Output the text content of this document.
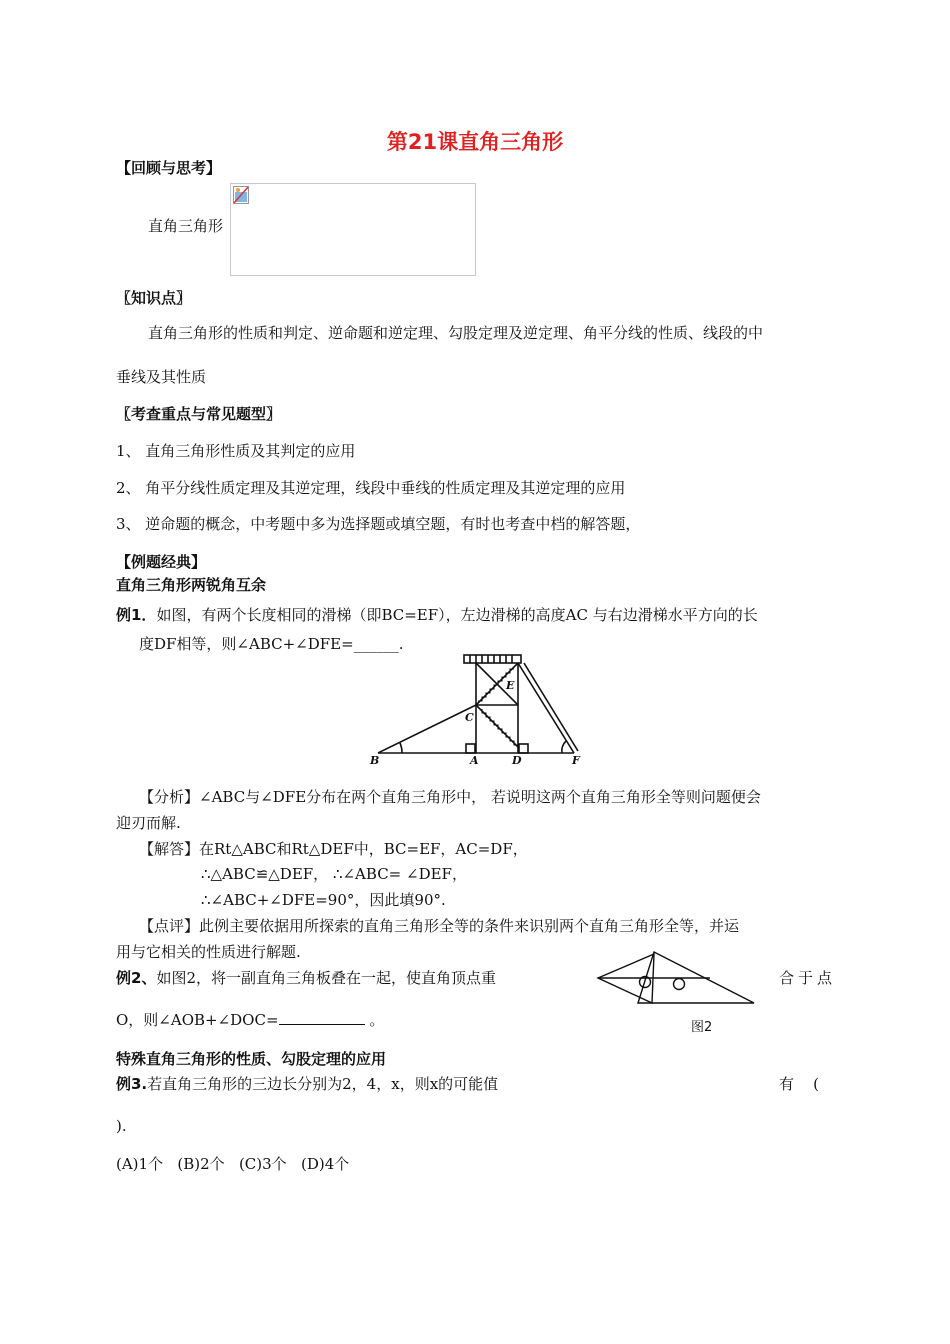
第21课直角三角形
【回顾与思考】
直角三角形
〖知识点〗
直角三角形的性质和判定、逆命题和逆定理、勾股定理及逆定理、角平分线的性质、线段的中
垂线及其性质
〖考查重点与常见题型〗
1、 直角三角形性质及其判定的应用
2、 角平分线性质定理及其逆定理，线段中垂线的性质定理及其逆定理的应用
3、 逆命题的概念，中考题中多为选择题或填空题，有时也考查中档的解答题，
【例题经典】
直角三角形两锐角互余
例1．如图，有两个长度相同的滑梯（即BC=EF），左边滑梯的高度AC 与右边滑梯水平方向的长
度DF相等，则∠ABC+∠DFE=______.
B
C
E
A	D	F
【分析】∠ABC与∠DFE分布在两个直角三角形中， 若说明这两个直角三角形全等则问题便会
迎刃而解.
【解答】在Rt△ABC和Rt△DEF中，BC=EF，AC=DF，
∴△ABC≌△DEF， ∴∠ABC= ∠DEF，
∴∠ABC+∠DFE=90°，因此填90°.
【点评】此例主要依据用所探索的直角三角形全等的条件来识别两个直角三角形全等，并运
用与它相关的性质进行解题.
例2、如图2，将一副直角三角板叠在一起，使直角顶点重	合于点
O，则∠AOB+∠DOC=	。	图2
特殊直角三角形的性质、勾股定理的应用
例3.若直角三角形的三边长分别为2，4，x，则x的可能值	有    (
).
(A)1个   (B)2个   (C)3个   (D)4个
